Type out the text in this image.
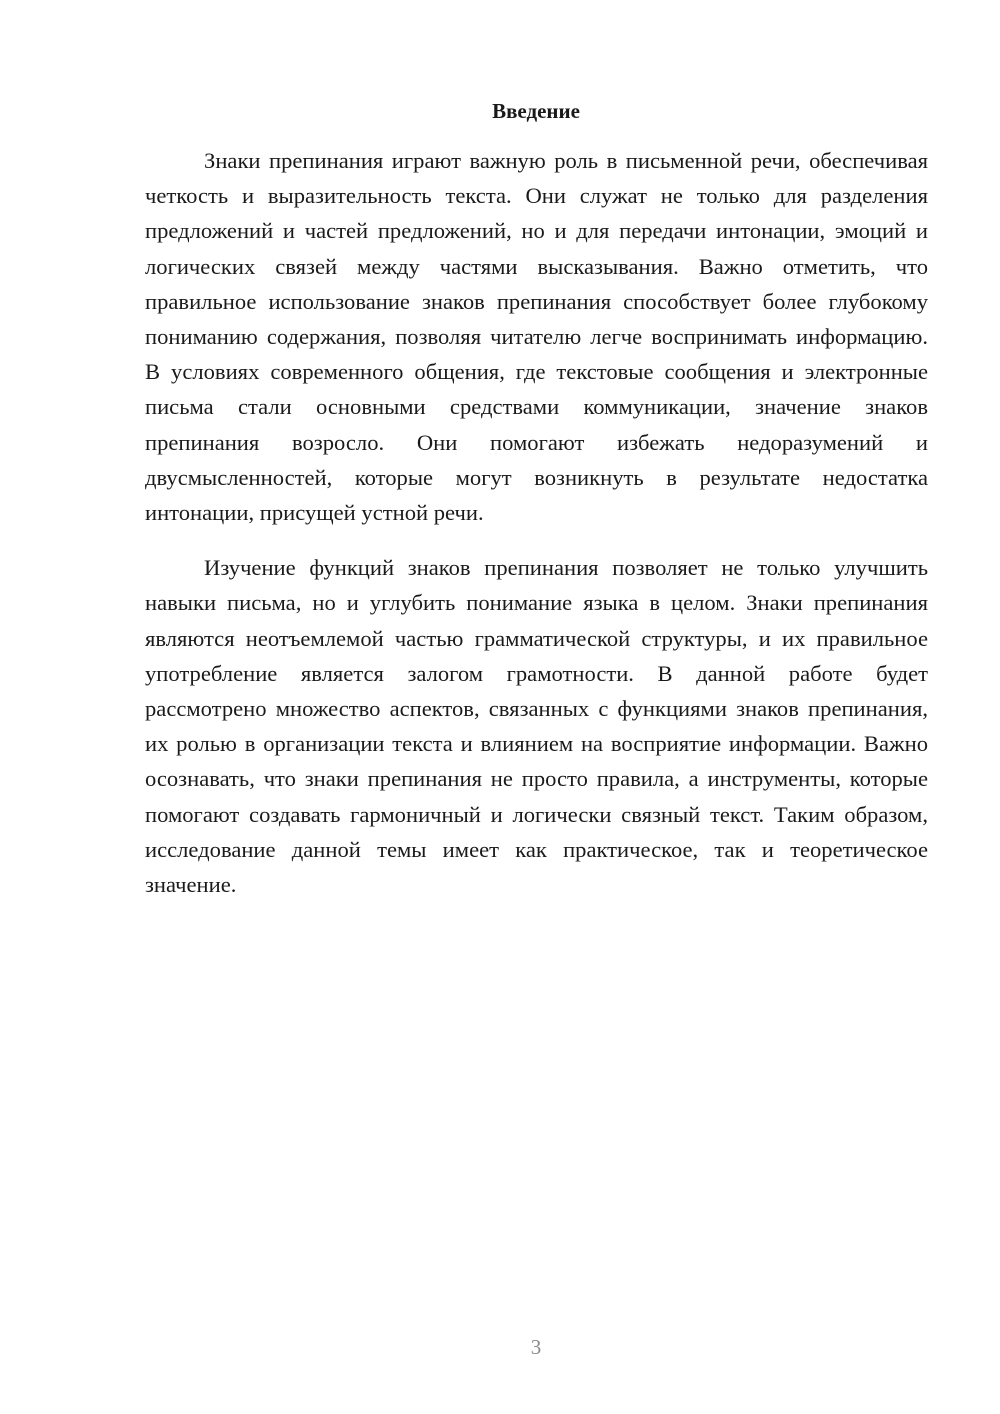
Введение

Знаки препинания играют важную роль в письменной речи, обеспечивая четкость и выразительность текста. Они служат не только для разделения предложений и частей предложений, но и для передачи интонации, эмоций и логических связей между частями высказывания. Важно отметить, что правильное использование знаков препинания способствует более глубокому пониманию содержания, позволяя читателю легче воспринимать информацию. В условиях современного общения, где текстовые сообщения и электронные письма стали основными средствами коммуникации, значение знаков препинания возросло. Они помогают избежать недоразумений и двусмысленностей, которые могут возникнуть в результате недостатка интонации, присущей устной речи.

Изучение функций знаков препинания позволяет не только улучшить навыки письма, но и углубить понимание языка в целом. Знаки препинания являются неотъемлемой частью грамматической структуры, и их правильное употребление является залогом грамотности. В данной работе будет рассмотрено множество аспектов, связанных с функциями знаков препинания, их ролью в организации текста и влиянием на восприятие информации. Важно осознавать, что знаки препинания не просто правила, а инструменты, которые помогают создавать гармоничный и логически связный текст. Таким образом, исследование данной темы имеет как практическое, так и теоретическое значение.

3
